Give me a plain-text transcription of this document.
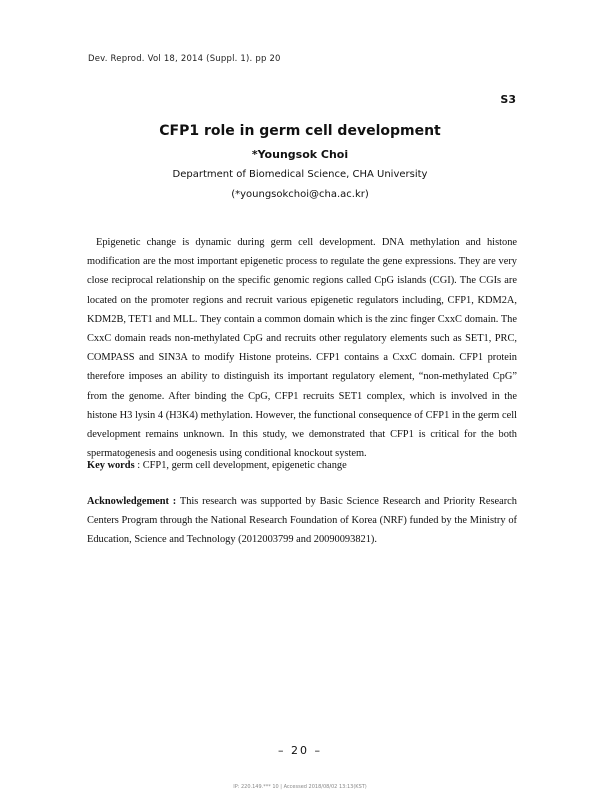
Dev. Reprod. Vol 18, 2014 (Suppl. 1). pp 20
S3
CFP1 role in germ cell development
*Youngsok Choi
Department of Biomedical Science, CHA University
(*youngsokchoi@cha.ac.kr)
Epigenetic change is dynamic during germ cell development. DNA methylation and histone modification are the most important epigenetic process to regulate the gene expressions. They are very close reciprocal relationship on the specific genomic regions called CpG islands (CGI). The CGIs are located on the promoter regions and recruit various epigenetic regulators including, CFP1, KDM2A, KDM2B, TET1 and MLL. They contain a common domain which is the zinc finger CxxC domain. The CxxC domain reads non-methylated CpG and recruits other regulatory elements such as SET1, PRC, COMPASS and SIN3A to modify Histone proteins. CFP1 contains a CxxC domain. CFP1 protein therefore imposes an ability to distinguish its important regulatory element, “non-methylated CpG” from the genome. After binding the CpG, CFP1 recruits SET1 complex, which is involved in the histone H3 lysin 4 (H3K4) methylation. However, the functional consequence of CFP1 in the germ cell development remains unknown. In this study, we demonstrated that CFP1 is critical for the both spermatogenesis and oogenesis using conditional knockout system.
Key words : CFP1, germ cell development, epigenetic change
Acknowledgement : This research was supported by Basic Science Research and Priority Research Centers Program through the National Research Foundation of Korea (NRF) funded by the Ministry of Education, Science and Technology (2012003799 and 20090093821).
– 20 –
IP: 220.149.*** 10 | Accessed 2018/08/02 13:13(KST)
